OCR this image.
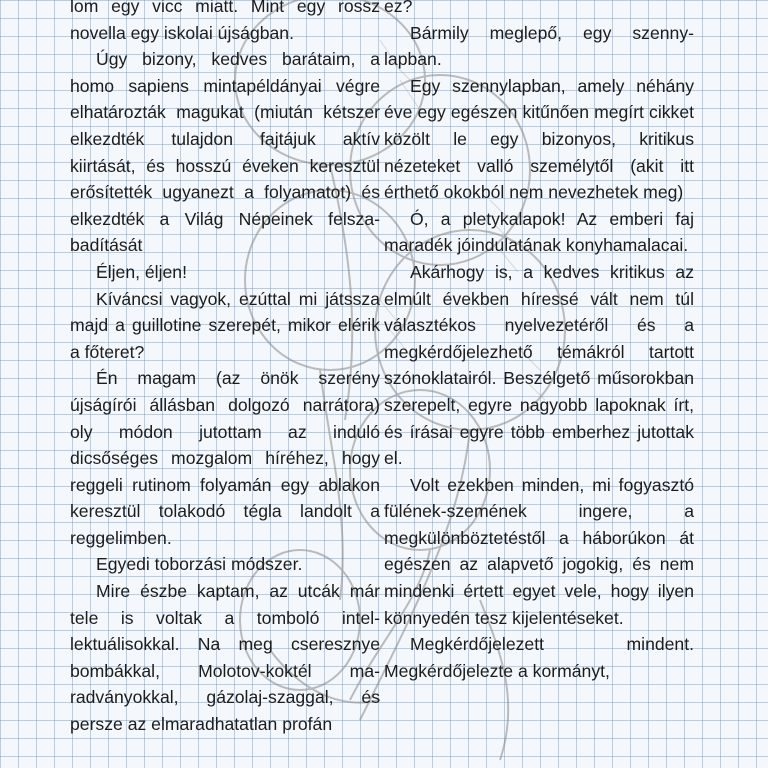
lom egy vicc miatt. Mint egy rossz novella egy iskolai újságban.

Úgy bizony, kedves barátaim, a homo sapiens mintapéldányai végre elhatározták magukat (miután kétszer elkezdték tulajdon fajtájuk aktív kiirtását, és hosszú éveken keresztül erősítették ugyanezt a folyamatot) és elkezdték a Világ Népeinek felszabadítását

Éljen, éljen!

Kíváncsi vagyok, ezúttal mi játssza majd a guillotine szerepét, mikor elérik a főteret?

Én magam (az önök szerény újságírói állásban dolgozó narrátora) oly módon jutottam az induló dicsőséges mozgalom híréhez, hogy reggeli rutinom folyamán egy ablakon keresztül tolakodó tégla landolt a reggelimben.

Egyedi toborzási módszer.

Mire észbe kaptam, az utcák már tele is voltak a tomboló intellektuálisokkal. Na meg cseresznye bombákkal, Molotov-koktél maradványokkal, gázolaj-szaggal, és persze az elmaradhatatlan profán

ez?

Bármily meglepő, egy szennylapban.

Egy szennylapban, amely néhány éve egy egészen kitűnően megírt cikket közölt le egy bizonyos, kritikus nézeteket valló személytől (akit itt érthető okokból nem nevezhetek meg)

Ó, a pletykalapok! Az emberi faj maradék jóindulatának konyhamalacai.

Akárhogy is, a kedves kritikus az elmúlt években híressé vált nem túl választékos nyelvezetéről és a megkérdőjelezhető témákról tartott szónoklatairól. Beszélgető műsorokban szerepelt, egyre nagyobb lapoknak írt, és írásai egyre több emberhez jutottak el.

Volt ezekben minden, mi fogyasztó fülének-szemének ingere, a megkülönböztetéstől a háborúkon át egészen az alapvető jogokig, és nem mindenki értett egyet vele, hogy ilyen könnyedén tesz kijelentéseket.

Megkérdőjelezett mindent. Megkérdőjelezte a kormányt,
